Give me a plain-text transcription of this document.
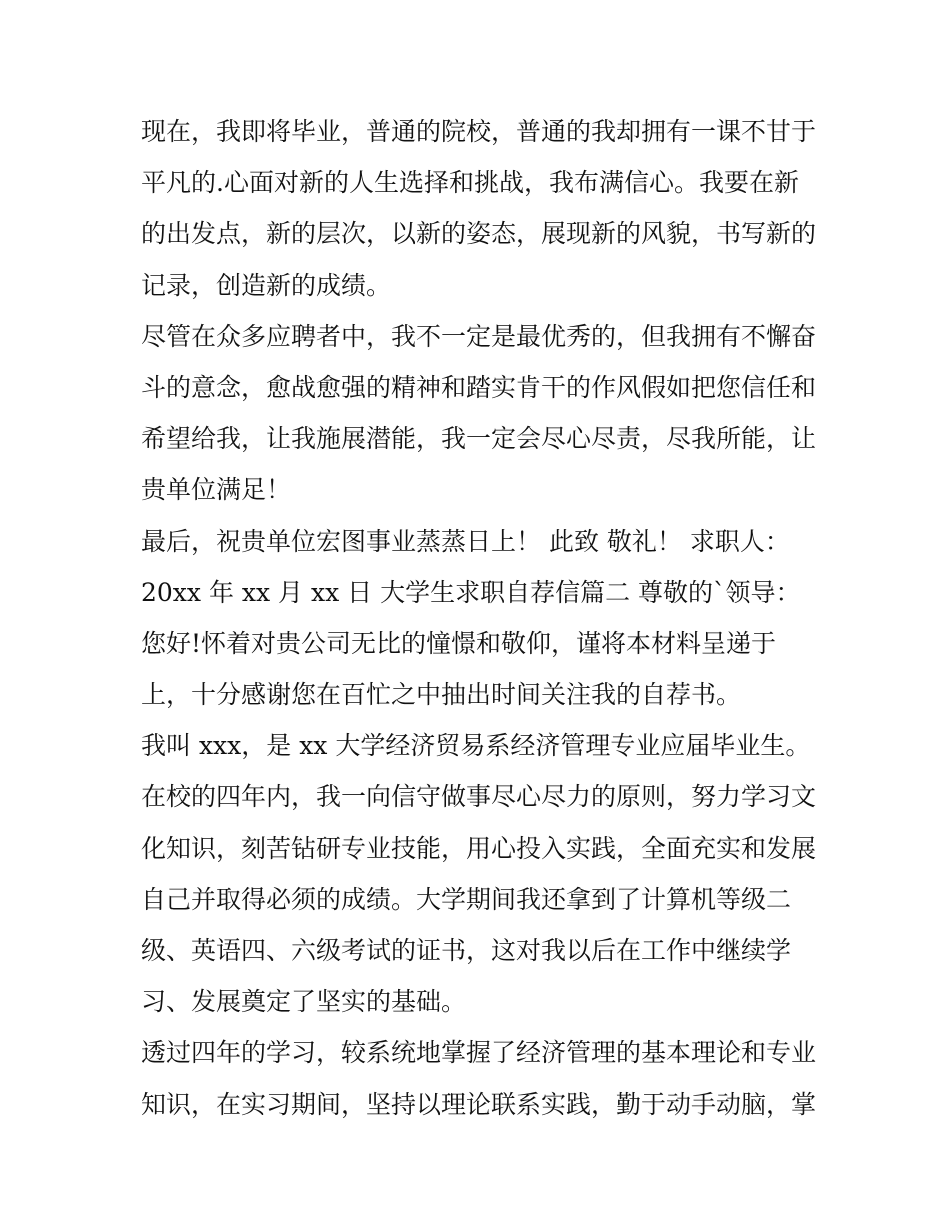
现在，我即将毕业，普通的院校，普通的我却拥有一课不甘于
平凡的.心面对新的人生选择和挑战，我布满信心。我要在新
的出发点，新的层次，以新的姿态，展现新的风貌，书写新的
记录，创造新的成绩。
尽管在众多应聘者中，我不一定是最优秀的，但我拥有不懈奋
斗的意念，愈战愈强的精神和踏实肯干的作风假如把您信任和
希望给我，让我施展潜能，我一定会尽心尽责，尽我所能，让
贵单位满足！
最后，祝贵单位宏图事业蒸蒸日上！ 此致 敬礼！ 求职人：
20xx 年 xx 月 xx 日 大学生求职自荐信篇二 尊敬的`领导：
您好!怀着对贵公司无比的憧憬和敬仰，谨将本材料呈递于
上，十分感谢您在百忙之中抽出时间关注我的自荐书。
我叫 xxx，是 xx 大学经济贸易系经济管理专业应届毕业生。
在校的四年内，我一向信守做事尽心尽力的原则，努力学习文
化知识，刻苦钻研专业技能，用心投入实践，全面充实和发展
自己并取得必须的成绩。大学期间我还拿到了计算机等级二
级、英语四、六级考试的证书，这对我以后在工作中继续学
习、发展奠定了坚实的基础。
透过四年的学习，较系统地掌握了经济管理的基本理论和专业
知识，在实习期间，坚持以理论联系实践，勤于动手动脑，掌
